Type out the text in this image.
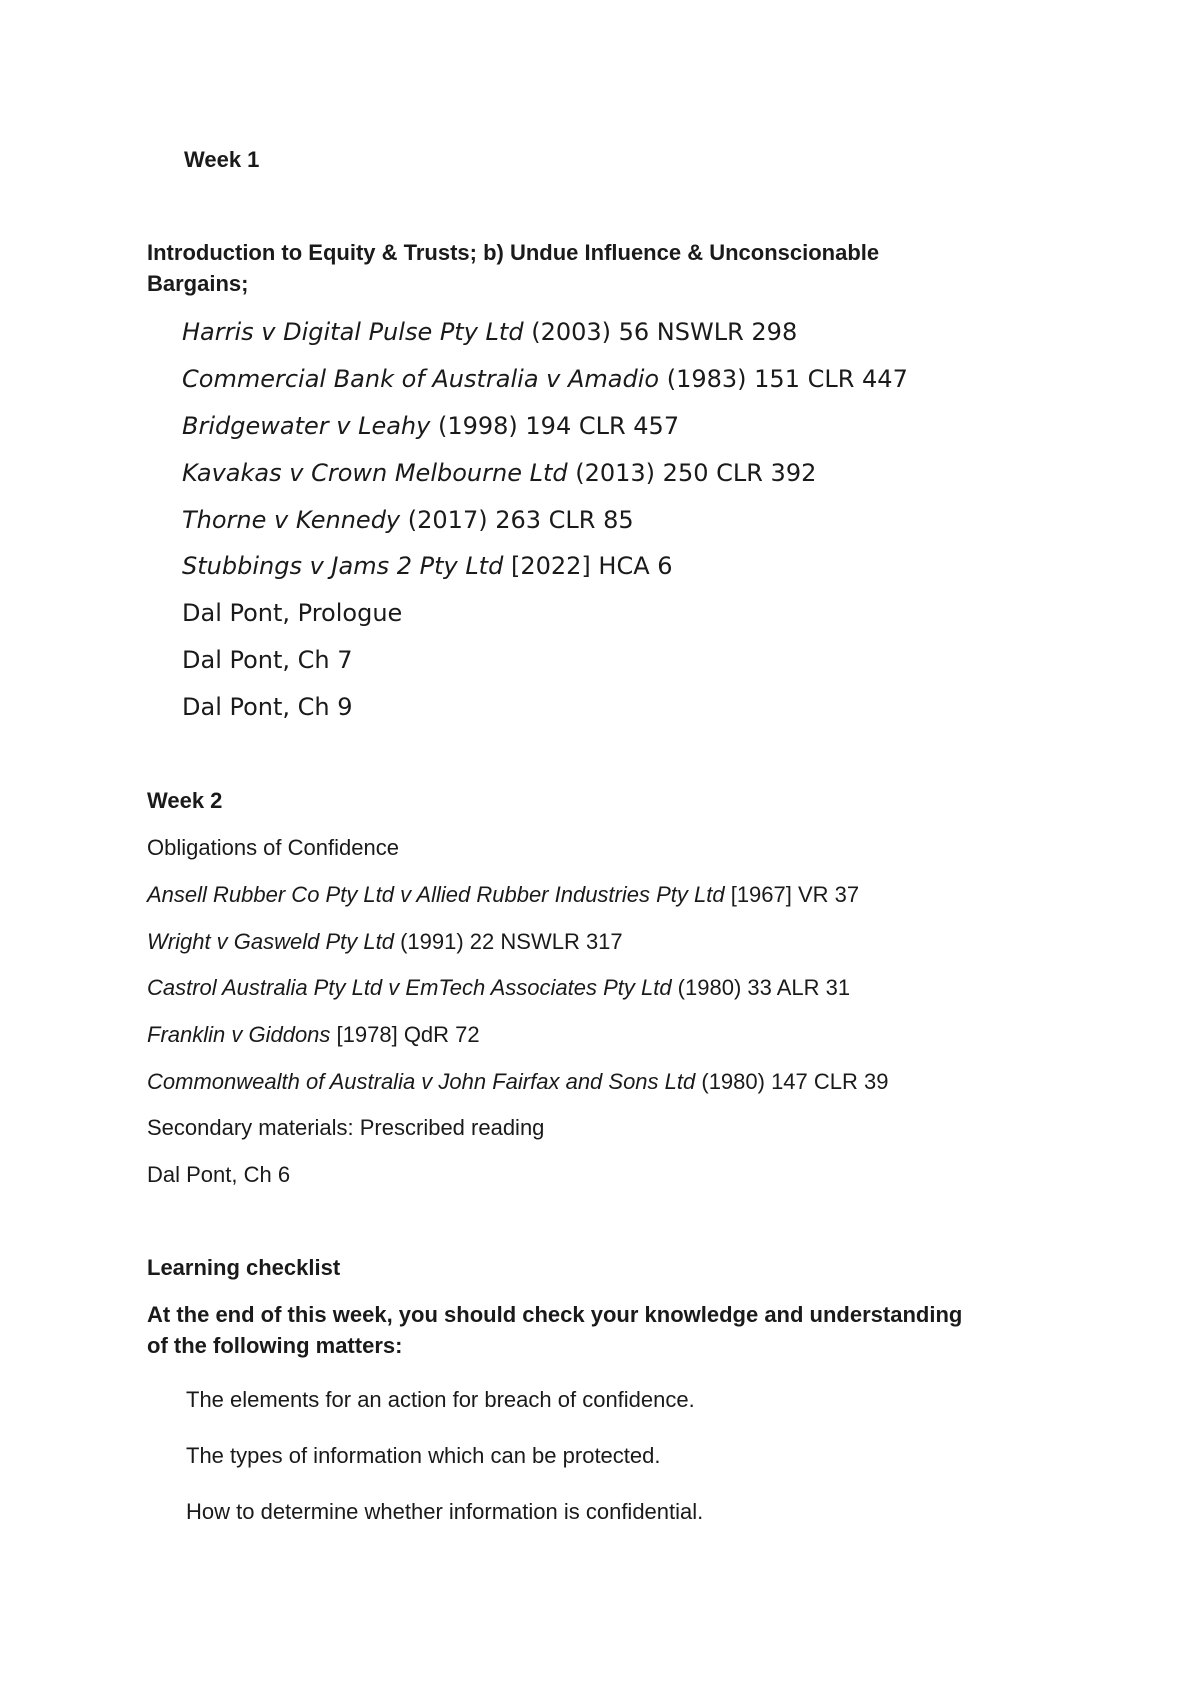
Week 1
Introduction to Equity & Trusts; b) Undue Influence & Unconscionable
Bargains;
Harris v Digital Pulse Pty Ltd (2003) 56 NSWLR 298
Commercial Bank of Australia v Amadio (1983) 151 CLR 447
Bridgewater v Leahy (1998) 194 CLR 457
Kavakas v Crown Melbourne Ltd (2013) 250 CLR 392
Thorne v Kennedy (2017) 263 CLR 85
Stubbings v Jams 2 Pty Ltd [2022] HCA 6
Dal Pont, Prologue
Dal Pont, Ch 7
Dal Pont, Ch 9
Week 2
Obligations of Confidence
Ansell Rubber Co Pty Ltd v Allied Rubber Industries Pty Ltd [1967] VR 37
Wright v Gasweld Pty Ltd (1991) 22 NSWLR 317
Castrol Australia Pty Ltd v EmTech Associates Pty Ltd (1980) 33 ALR 31
Franklin v Giddons [1978] QdR 72
Commonwealth of Australia v John Fairfax and Sons Ltd (1980) 147 CLR 39
Secondary materials: Prescribed reading
Dal Pont, Ch 6
Learning checklist
At the end of this week, you should check your knowledge and understanding
of the following matters:
The elements for an action for breach of confidence.
The types of information which can be protected.
How to determine whether information is confidential.
